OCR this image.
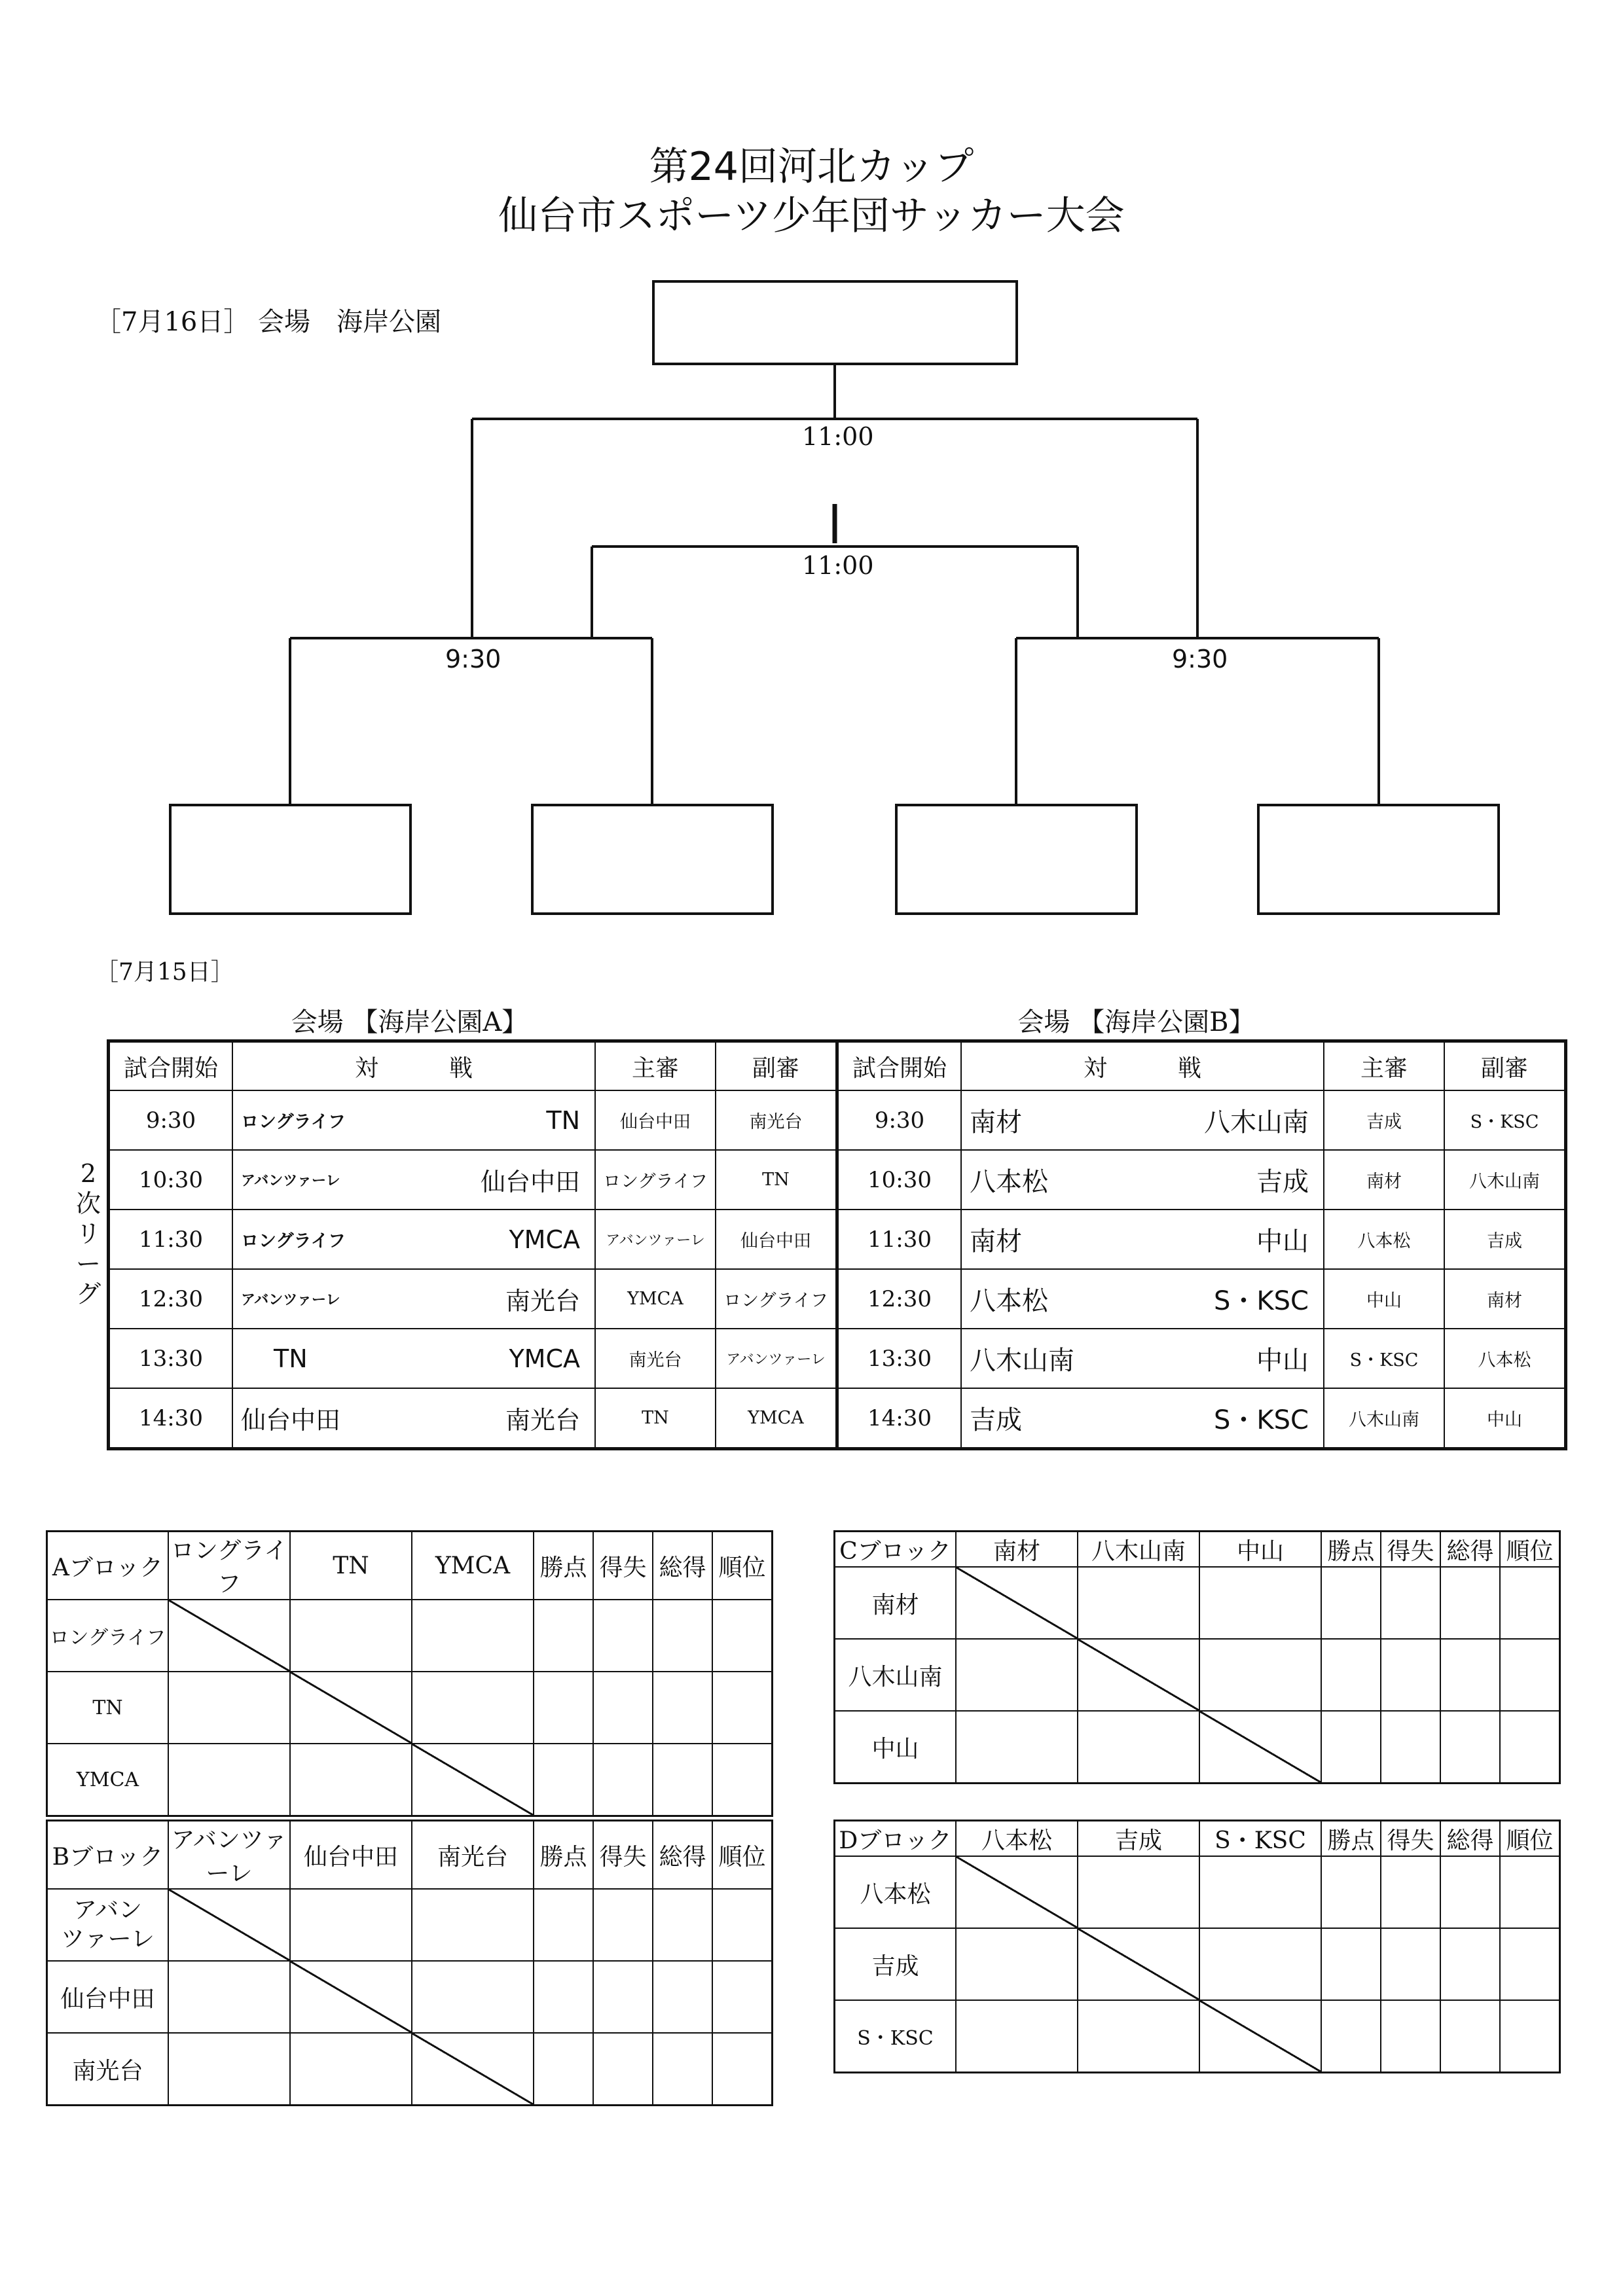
第24回河北カップ
仙台市スポーツ少年団サッカー大会
［7月16日］ 会場　海岸公園
11:00
11:00
9:30	9:30
［7月15日］
会場 【海岸公園A】	会場 【海岸公園B】
2
次
リ
ー
グ
試合開始	対　　　戦	主審	副審	試合開始	対　　　戦	主審	副審
9:30	ロングライフ TN	仙台中田	南光台	9:30	南材 八木山南	吉成	S・KSC
10:30	アバンツァーレ 仙台中田	ロングライフ	TN	10:30	八本松 吉成	南材	八木山南
11:30	ロングライフ YMCA	アバンツァーレ	仙台中田	11:30	南材 中山	八本松	吉成
12:30	アバンツァーレ 南光台	YMCA	ロングライフ	12:30	八本松 S・KSC	中山	南材
13:30	TN YMCA	南光台	アバンツァーレ	13:30	八木山南 中山	S・KSC	八本松
14:30	仙台中田 南光台	TN	YMCA	14:30	吉成 S・KSC	八木山南	中山
Aブロック	ロングライフ	TN	YMCA	勝点	得失	総得	順位
ロングライフ							
TN							
YMCA							
Cブロック	南材	八木山南	中山	勝点	得失	総得	順位
南材							
八木山南							
中山							
Bブロック	アバンツァーレ	仙台中田	南光台	勝点	得失	総得	順位
アバン
ツァーレ							
仙台中田							
南光台							
Dブロック	八本松	吉成	S・KSC	勝点	得失	総得	順位
八本松							
吉成							
S・KSC							
